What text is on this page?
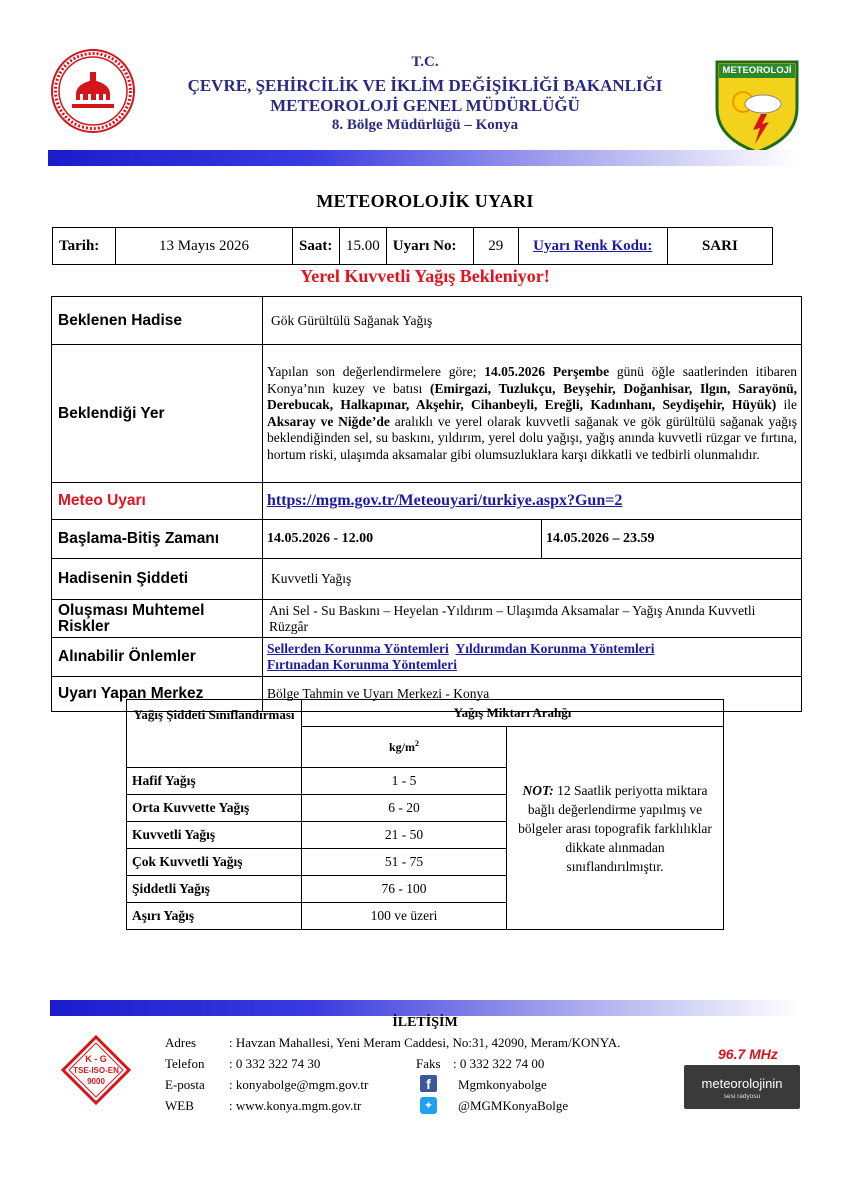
T.C.
ÇEVRE, ŞEHİRCİLİK VE İKLİM DEĞİŞİKLİĞİ BAKANLIĞI
METEOROLOJİ GENEL MÜDÜRLÜĞÜ
8. Bölge Müdürlüğü – Konya
METEOROLOJİ
METEOROLOJİK UYARI
Tarih:	13 Mayıs 2026	Saat:	15.00	Uyarı No:	29	Uyarı Renk Kodu:	SARI
Yerel Kuvvetli Yağış Bekleniyor!
Beklenen Hadise	Gök Gürültülü Sağanak Yağış	
Beklendiği Yer	Yapılan son değerlendirmelere göre; 14.05.2026 Perşembe günü öğle saatlerinden itibaren Konya’nın kuzey ve batısı (Emirgazi, Tuzlukçu, Beyşehir, Doğanhisar, Ilgın, Sarayönü, Derebucak, Halkapınar, Akşehir, Cihanbeyli, Ereğli, Kadınhanı, Seydişehir, Hüyük) ile Aksaray ve Niğde’de aralıklı ve yerel olarak kuvvetli sağanak ve gök gürültülü sağanak yağış beklendiğinden sel, su baskını, yıldırım, yerel dolu yağışı, yağış anında kuvvetli rüzgar ve fırtına, hortum riski, ulaşımda aksamalar gibi olumsuzluklara karşı dikkatli ve tedbirli olunmalıdır.	
Meteo Uyarı	https://mgm.gov.tr/Meteouyari/turkiye.aspx?Gun=2	
Başlama-Bitiş Zamanı	14.05.2026 - 12.00	14.05.2026 – 23.59
Hadisenin Şiddeti	Kuvvetli Yağış	
Oluşması Muhtemel Riskler	Ani Sel - Su Baskını – Heyelan -Yıldırım – Ulaşımda Aksamalar – Yağış Anında Kuvvetli Rüzgâr	
Alınabilir Önlemler	Sellerden Korunma Yöntemleri Yıldırımdan Korunma Yöntemleri
Fırtınadan Korunma Yöntemleri	
Uyarı Yapan Merkez	Bölge Tahmin ve Uyarı Merkezi - Konya	
Yağış Şiddeti Sınıflandırması	Yağış Miktarı Aralığı	
	$kg/m^2$	NOT: 12 Saatlik periyotta miktara bağlı değerlendirme yapılmış ve bölgeler arası topografik farklılıklar dikkate alınmadan sınıflandırılmıştır.
Hafif Yağış	1 - 5	
Orta Kuvvette Yağış	6 - 20	
Kuvvetli Yağış	21 - 50	
Çok Kuvvetli Yağış	51 - 75	
Şiddetli Yağış	76 - 100	
Aşırı Yağış	100 ve üzeri	
İLETİŞİM
K - G
TSE-ISO-EN
9000
Adres	: Havzan Mahallesi, Yeni Meram Caddesi, No:31, 42090, Meram/KONYA.
Telefon : 0 332 322 74 30	Faks : 0 332 322 74 00
E-posta : konyabolge@mgm.gov.tr	f	Mgmkonyabolge
WEB	: www.konya.mgm.gov.tr	✦ @MGMKonyaBolge
96.7 MHz
meteorolojinin
sesi radyosu
